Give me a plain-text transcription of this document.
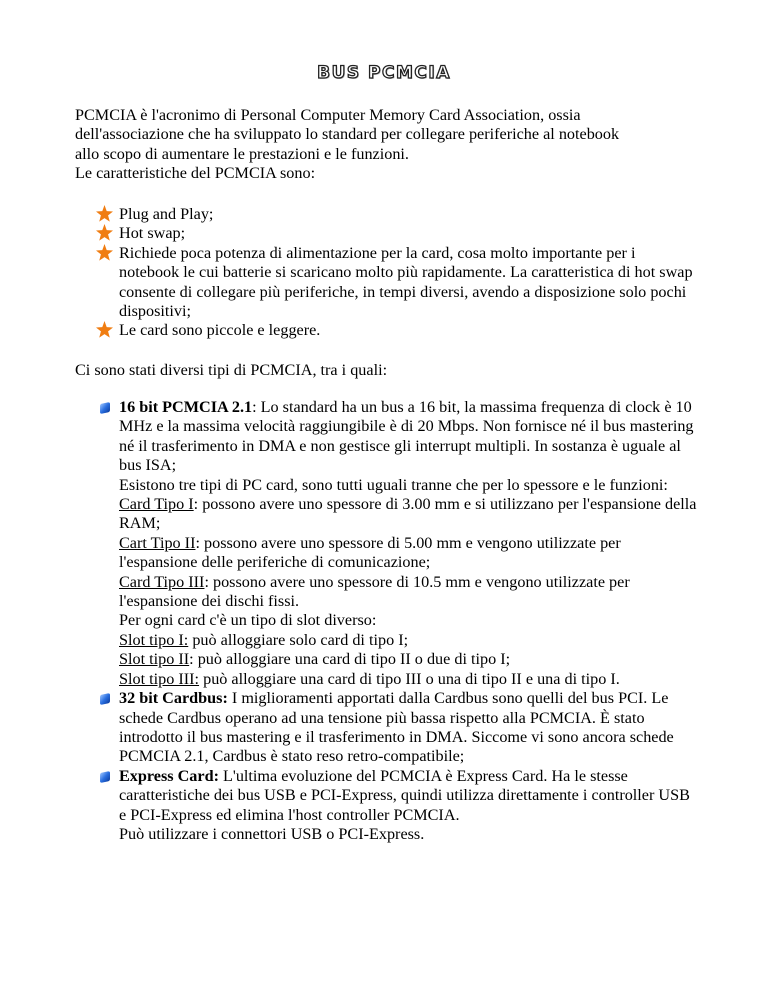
BUS PCMCIA
PCMCIA è l'acronimo di Personal Computer Memory Card Association, ossia
dell'associazione che ha sviluppato lo standard per collegare periferiche al notebook
allo scopo di aumentare le prestazioni e le funzioni.
Le caratteristiche del PCMCIA sono:
Plug and Play;
Hot swap;
Richiede poca potenza di alimentazione per la card, cosa molto importante per i notebook le cui batterie si scaricano molto più rapidamente. La caratteristica di hot swap consente di collegare più periferiche, in tempi diversi, avendo a disposizione solo pochi dispositivi;
Le card sono piccole e leggere.
Ci sono stati diversi tipi di PCMCIA, tra i quali:
16 bit PCMCIA 2.1: Lo standard ha un bus a 16 bit, la massima frequenza di clock è 10 MHz e la massima velocità raggiungibile è di 20 Mbps. Non fornisce né il bus mastering né il trasferimento in DMA e non gestisce gli interrupt multipli. In sostanza è uguale al bus ISA;
Esistono tre tipi di PC card, sono tutti uguali tranne che per lo spessore e le funzioni:
Card Tipo I: possono avere uno spessore di 3.00 mm e si utilizzano per l'espansione della RAM;
Cart Tipo II: possono avere uno spessore di 5.00 mm e vengono utilizzate per l'espansione delle periferiche di comunicazione;
Card Tipo III: possono avere uno spessore di 10.5 mm e vengono utilizzate per l'espansione dei dischi fissi.
Per ogni card c'è un tipo di slot diverso:
Slot tipo I: può alloggiare solo card di tipo I;
Slot tipo II: può alloggiare una card di tipo II o due di tipo I;
Slot tipo III: può alloggiare una card di tipo III o una di tipo II e una di tipo I.
32 bit Cardbus: I miglioramenti apportati dalla Cardbus sono quelli del bus PCI. Le schede Cardbus operano ad una tensione più bassa rispetto alla PCMCIA. È stato introdotto il bus mastering e il trasferimento in DMA. Siccome vi sono ancora schede PCMCIA 2.1, Cardbus è stato reso retro-compatibile;
Express Card: L'ultima evoluzione del PCMCIA è Express Card. Ha le stesse caratteristiche dei bus USB e PCI-Express, quindi utilizza direttamente i controller USB e PCI-Express ed elimina l'host controller PCMCIA.
Può utilizzare i connettori USB o PCI-Express.
